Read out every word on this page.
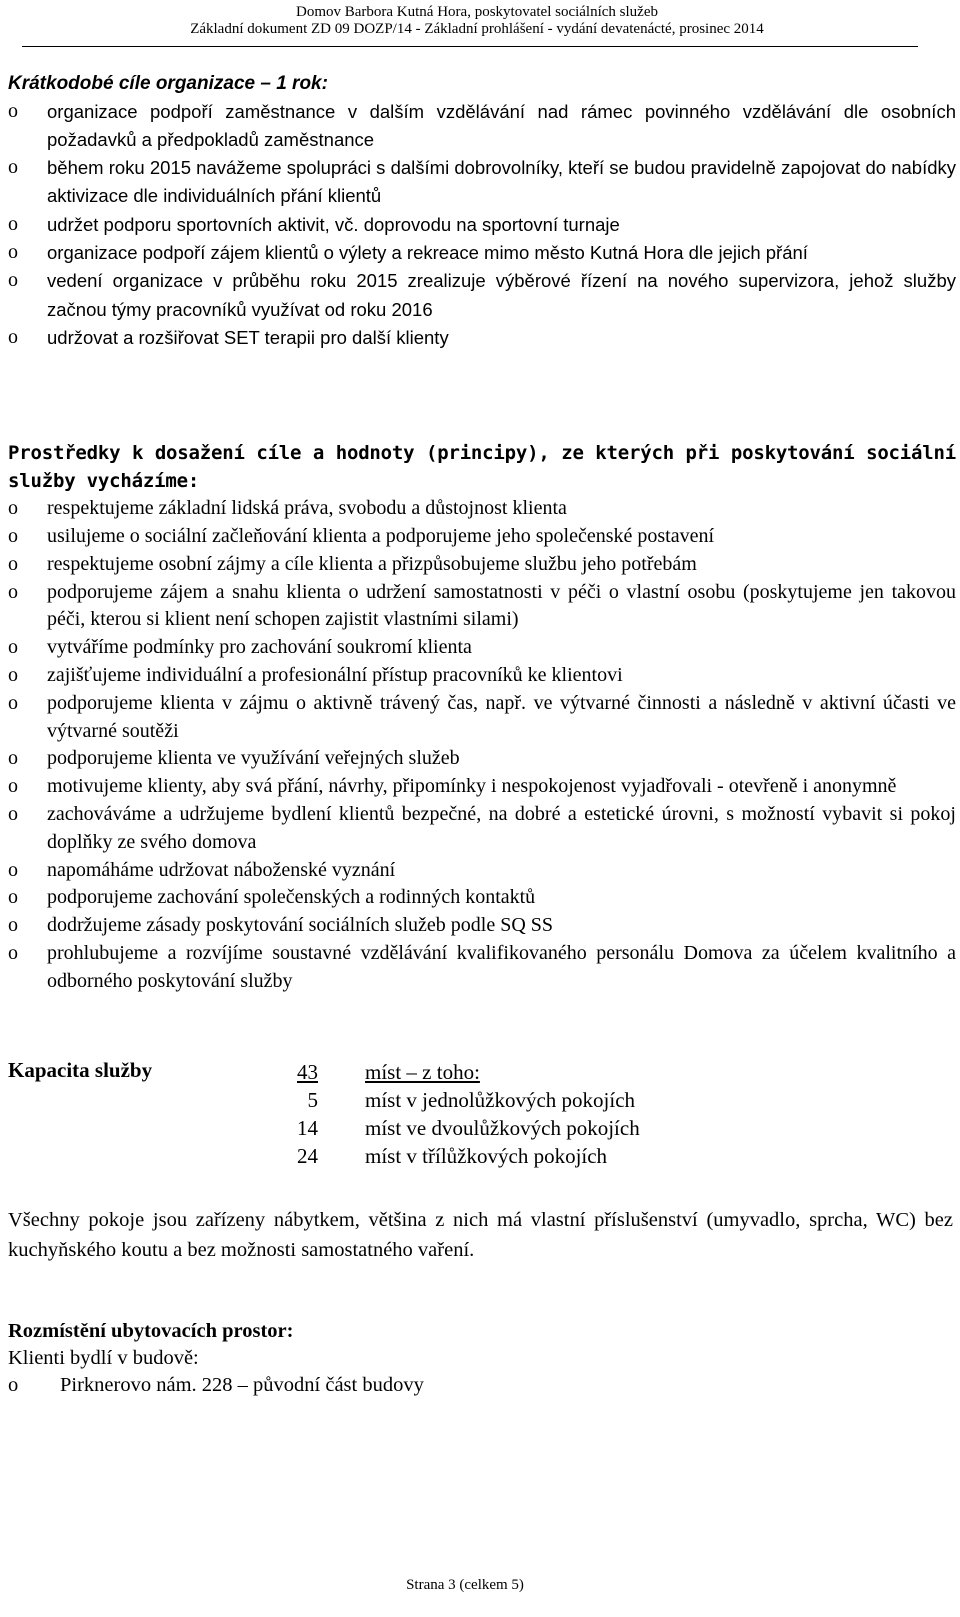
Domov Barbora Kutná Hora, poskytovatel sociálních služeb
Základní dokument ZD 09 DOZP/14 - Základní prohlášení - vydání devatenácté, prosinec 2014
Krátkodobé cíle organizace – 1 rok:
o organizace podpoří zaměstnance v dalším vzdělávání nad rámec povinného vzdělávání dle osobních požadavků a předpokladů zaměstnance
o během roku 2015 navážeme spolupráci s dalšími dobrovolníky, kteří se budou pravidelně zapojovat do nabídky aktivizace dle individuálních přání klientů
o udržet podporu sportovních aktivit, vč. doprovodu na sportovní turnaje
o organizace podpoří zájem klientů o výlety a rekreace mimo město Kutná Hora dle jejich přání
o vedení organizace v průběhu roku 2015 zrealizuje výběrové řízení na nového supervizora, jehož služby začnou týmy pracovníků využívat od roku 2016
o udržovat a rozšiřovat SET terapii pro další klienty
Prostředky k dosažení cíle a hodnoty (principy), ze kterých při poskytování sociální služby vycházíme:
o respektujeme základní lidská práva, svobodu a důstojnost klienta
o usilujeme o sociální začleňování klienta a podporujeme jeho společenské postavení
o respektujeme osobní zájmy a cíle klienta a přizpůsobujeme službu jeho potřebám
o podporujeme zájem a snahu klienta o udržení samostatnosti v péči o vlastní osobu (poskytujeme jen takovou péči, kterou si klient není schopen zajistit vlastními silami)
o vytváříme podmínky pro zachování soukromí klienta
o zajišťujeme individuální a profesionální přístup pracovníků ke klientovi
o podporujeme klienta v zájmu o aktivně trávený čas, např. ve výtvarné činnosti a následně v aktivní účasti ve výtvarné soutěži
o podporujeme klienta ve využívání veřejných služeb
o motivujeme klienty, aby svá přání, návrhy, připomínky i nespokojenost vyjadřovali - otevřeně i anonymně
o zachováváme a udržujeme bydlení klientů bezpečné, na dobré a estetické úrovni, s možností vybavit si pokoj doplňky ze svého domova
o napomáháme udržovat náboženské vyznání
o podporujeme zachování společenských a rodinných kontaktů
o dodržujeme zásady poskytování sociálních služeb podle SQ SS
o prohlubujeme a rozvíjíme soustavné vzdělávání kvalifikovaného personálu Domova za účelem kvalitního a odborného poskytování služby
Kapacita služby	43 míst – z toho:
5 míst v jednolůžkových pokojích
14 míst ve dvoulůžkových pokojích
24 míst v třílůžkových pokojích
Všechny pokoje jsou zařízeny nábytkem, většina z nich má vlastní příslušenství (umyvadlo, sprcha, WC) bez kuchyňského koutu a bez možnosti samostatného vaření.
Rozmístění ubytovacích prostor:
Klienti bydlí v budově:
o Pirknerovo nám. 228 – původní část budovy
Strana 3 (celkem 5)
